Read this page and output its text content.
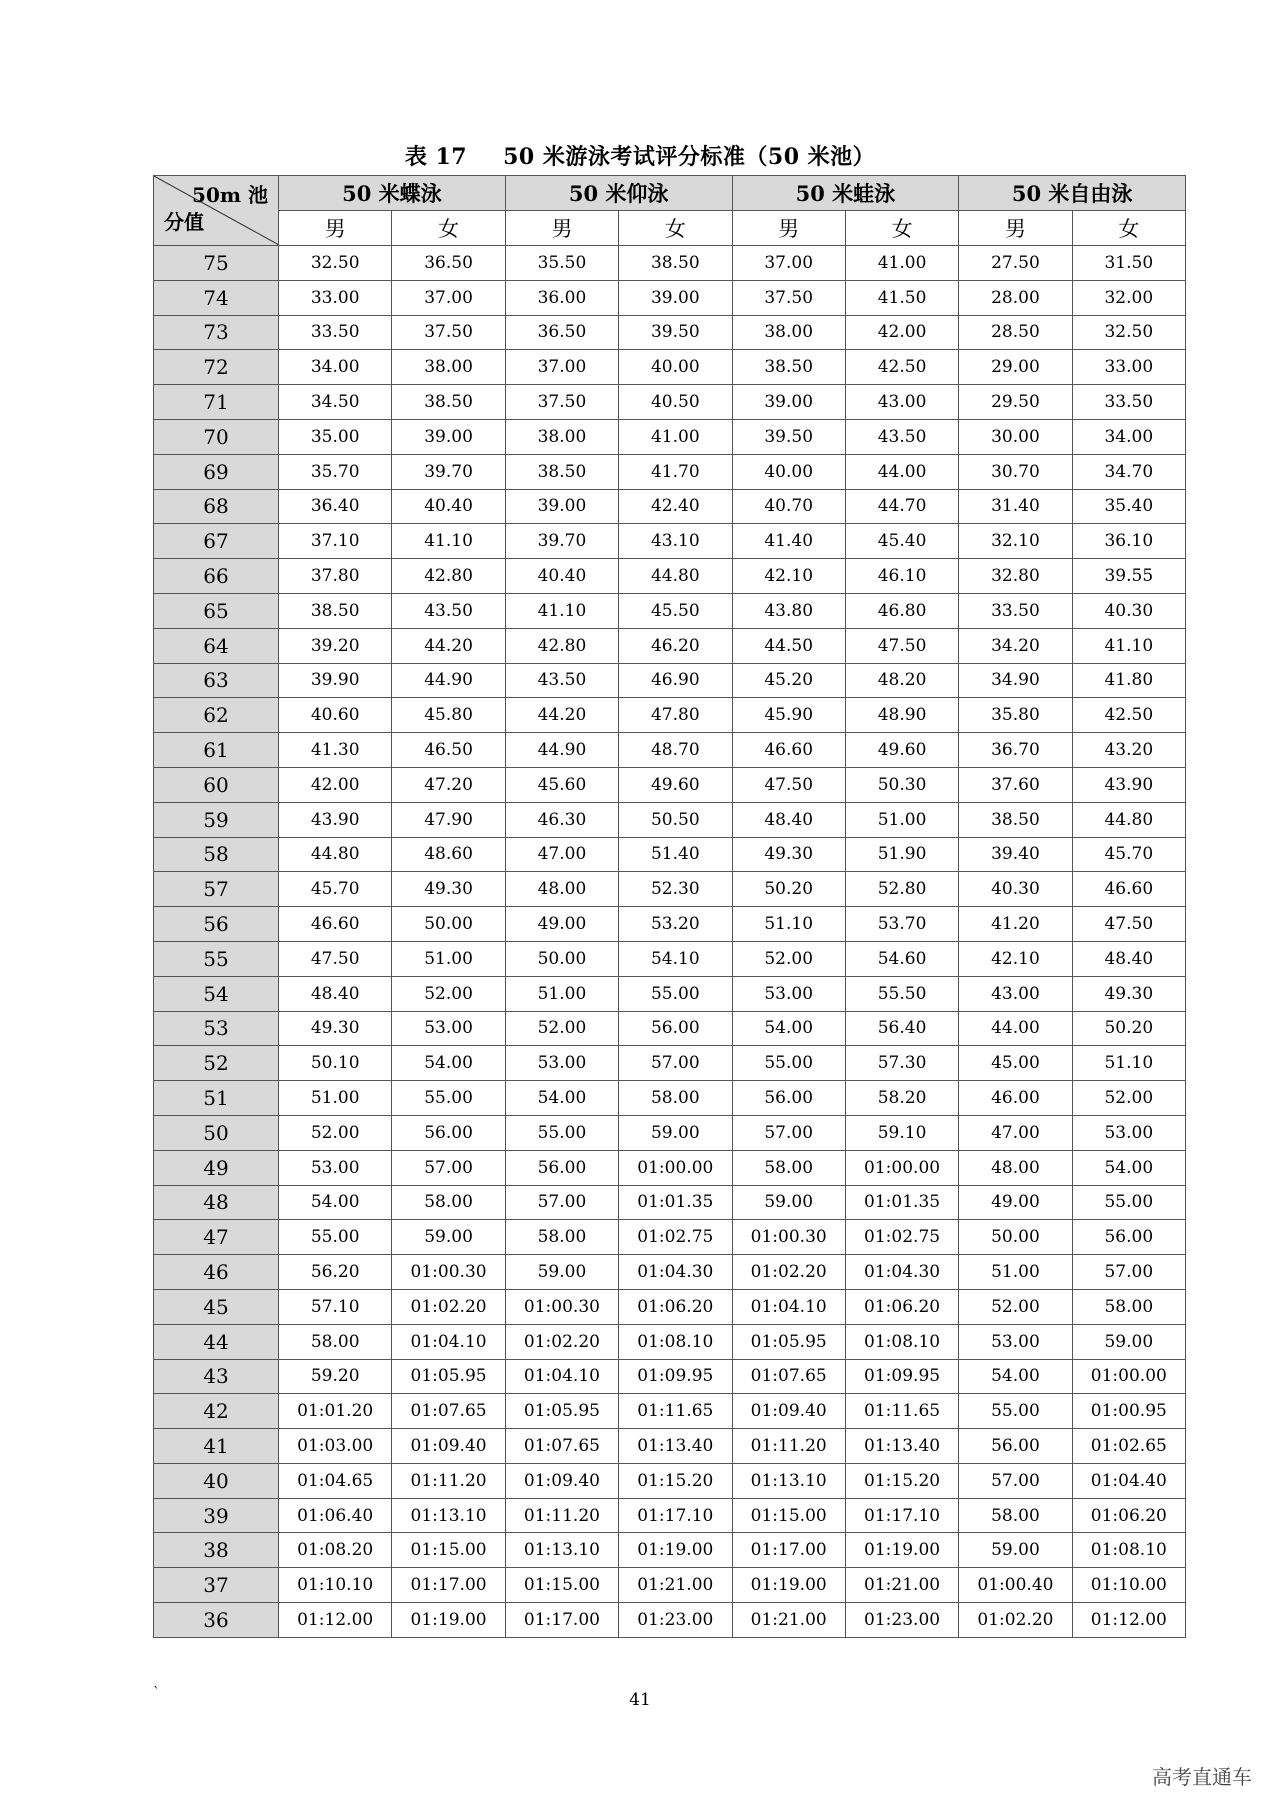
表 17 50 米游泳考试评分标准（50 米池）
50m 池
分值	50 米蝶泳		50 米仰泳		50 米蛙泳		50 米自由泳	
	男	女	男	女	男	女	男	女
75	32.50	36.50	35.50	38.50	37.00	41.00	27.50	31.50
74	33.00	37.00	36.00	39.00	37.50	41.50	28.00	32.00
73	33.50	37.50	36.50	39.50	38.00	42.00	28.50	32.50
72	34.00	38.00	37.00	40.00	38.50	42.50	29.00	33.00
71	34.50	38.50	37.50	40.50	39.00	43.00	29.50	33.50
70	35.00	39.00	38.00	41.00	39.50	43.50	30.00	34.00
69	35.70	39.70	38.50	41.70	40.00	44.00	30.70	34.70
68	36.40	40.40	39.00	42.40	40.70	44.70	31.40	35.40
67	37.10	41.10	39.70	43.10	41.40	45.40	32.10	36.10
66	37.80	42.80	40.40	44.80	42.10	46.10	32.80	39.55
65	38.50	43.50	41.10	45.50	43.80	46.80	33.50	40.30
64	39.20	44.20	42.80	46.20	44.50	47.50	34.20	41.10
63	39.90	44.90	43.50	46.90	45.20	48.20	34.90	41.80
62	40.60	45.80	44.20	47.80	45.90	48.90	35.80	42.50
61	41.30	46.50	44.90	48.70	46.60	49.60	36.70	43.20
60	42.00	47.20	45.60	49.60	47.50	50.30	37.60	43.90
59	43.90	47.90	46.30	50.50	48.40	51.00	38.50	44.80
58	44.80	48.60	47.00	51.40	49.30	51.90	39.40	45.70
57	45.70	49.30	48.00	52.30	50.20	52.80	40.30	46.60
56	46.60	50.00	49.00	53.20	51.10	53.70	41.20	47.50
55	47.50	51.00	50.00	54.10	52.00	54.60	42.10	48.40
54	48.40	52.00	51.00	55.00	53.00	55.50	43.00	49.30
53	49.30	53.00	52.00	56.00	54.00	56.40	44.00	50.20
52	50.10	54.00	53.00	57.00	55.00	57.30	45.00	51.10
51	51.00	55.00	54.00	58.00	56.00	58.20	46.00	52.00
50	52.00	56.00	55.00	59.00	57.00	59.10	47.00	53.00
49	53.00	57.00	56.00	01:00.00	58.00	01:00.00	48.00	54.00
48	54.00	58.00	57.00	01:01.35	59.00	01:01.35	49.00	55.00
47	55.00	59.00	58.00	01:02.75	01:00.30	01:02.75	50.00	56.00
46	56.20	01:00.30	59.00	01:04.30	01:02.20	01:04.30	51.00	57.00
45	57.10	01:02.20	01:00.30	01:06.20	01:04.10	01:06.20	52.00	58.00
44	58.00	01:04.10	01:02.20	01:08.10	01:05.95	01:08.10	53.00	59.00
43	59.20	01:05.95	01:04.10	01:09.95	01:07.65	01:09.95	54.00	01:00.00
42	01:01.20	01:07.65	01:05.95	01:11.65	01:09.40	01:11.65	55.00	01:00.95
41	01:03.00	01:09.40	01:07.65	01:13.40	01:11.20	01:13.40	56.00	01:02.65
40	01:04.65	01:11.20	01:09.40	01:15.20	01:13.10	01:15.20	57.00	01:04.40
39	01:06.40	01:13.10	01:11.20	01:17.10	01:15.00	01:17.10	58.00	01:06.20
38	01:08.20	01:15.00	01:13.10	01:19.00	01:17.00	01:19.00	59.00	01:08.10
37	01:10.10	01:17.00	01:15.00	01:21.00	01:19.00	01:21.00	01:00.40	01:10.00
36	01:12.00	01:19.00	01:17.00	01:23.00	01:21.00	01:23.00	01:02.20	01:12.00
`	41
高考直通车
